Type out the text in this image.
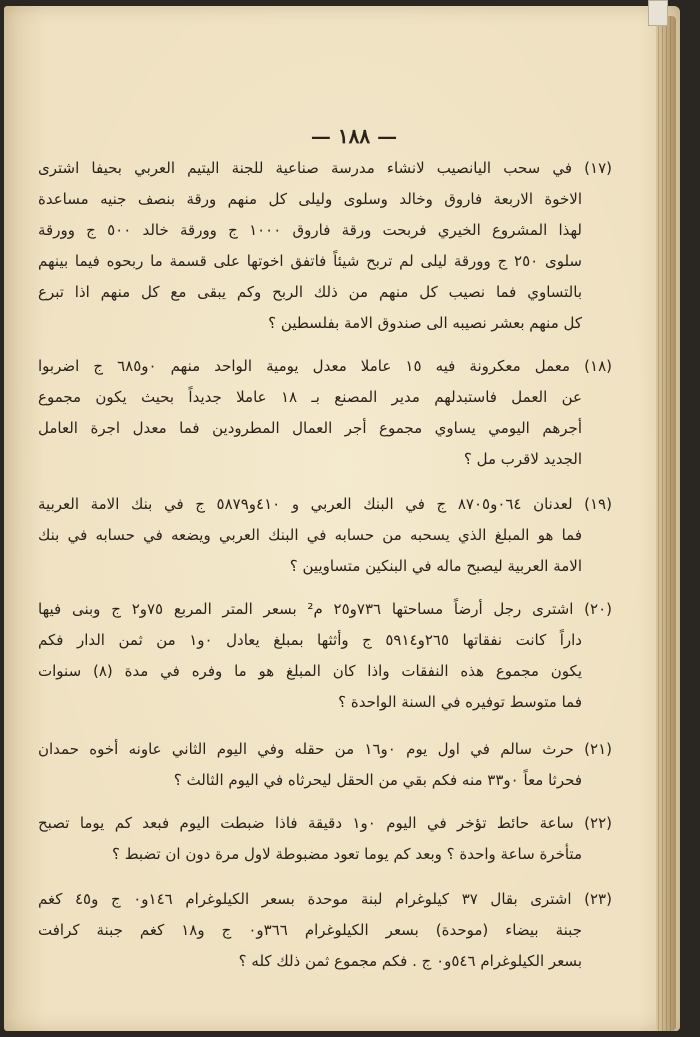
— ١٨٨ —
(١٧) في سحب اليانصيب لانشاء مدرسة صناعية للجنة اليتيم العربي بحيفا اشترى
الاخوة الاربعة فاروق وخالد وسلوى وليلى كل منهم ورقة بنصف جنيه مساعدة
لهذا المشروع الخيري فربحت ورقة فاروق ١٠٠٠ ج وورقة خالد ٥٠٠ ج وورقة
سلوى ٢٥٠ ج وورقة ليلى لم تربح شيئاً فاتفق اخوتها على قسمة ما ربحوه فيما بينهم
بالتساوي فما نصيب كل منهم من ذلك الربح وكم يبقى مع كل منهم اذا تبرع
كل منهم بعشر نصيبه الى صندوق الامة بفلسطين ؟
(١٨) معمل معكرونة فيه ١٥ عاملا معدل يومية الواحد منهم ٠و٦٨٥ ج اضربوا
عن العمل فاستبدلهم مدير المصنع بـ ١٨ عاملا جديداً بحيث يكون مجموع
أجرهم اليومي يساوي مجموع أجر العمال المطرودين فما معدل اجرة العامل
الجديد لاقرب مل ؟
(١٩) لعدنان ٠٦٤و٨٧٠٥ ج في البنك العربي و ٤١٠و٥٨٧٩ ج في بنك الامة العربية
فما هو المبلغ الذي يسحبه من حسابه في البنك العربي ويضعه في حسابه في بنك
الامة العربية ليصبح ماله في البنكين متساويين ؟
(٢٠) اشترى رجل أرضاً مساحتها ٧٣٦و٢٥ م² بسعر المتر المربع ٧٥و٢ ج وبنى فيها
داراً كانت نفقاتها ٢٦٥و٥٩١٤ ج وأثثها بمبلغ يعادل ٠و١ من ثمن الدار فكم
يكون مجموع هذه النفقات واذا كان المبلغ هو ما وفره في مدة (٨) سنوات
فما متوسط توفيره في السنة الواحدة ؟
(٢١) حرث سالم في اول يوم ٠و١٦ من حقله وفي اليوم الثاني عاونه أخوه حمدان
فحرثا معاً ٠و٣٣ منه فكم بقي من الحقل ليحرثاه في اليوم الثالث ؟
(٢٢) ساعة حائط تؤخر في اليوم ٠و١ دقيقة فاذا ضبطت اليوم فبعد كم يوما تصبح
متأخرة ساعة واحدة ؟ وبعد كم يوما تعود مضبوطة لاول مرة دون ان تضبط ؟
(٢٣) اشترى بقال ٣٧ كيلوغرام لبنة موحدة بسعر الكيلوغرام ١٤٦و٠ ج و٤٥ كغم
جبنة بيضاء (موحدة) بسعر الكيلوغرام ٣٦٦و٠ ج و١٨ كغم جبنة كرافت
بسعر الكيلوغرام ٥٤٦و٠ ج . فكم مجموع ثمن ذلك كله ؟
